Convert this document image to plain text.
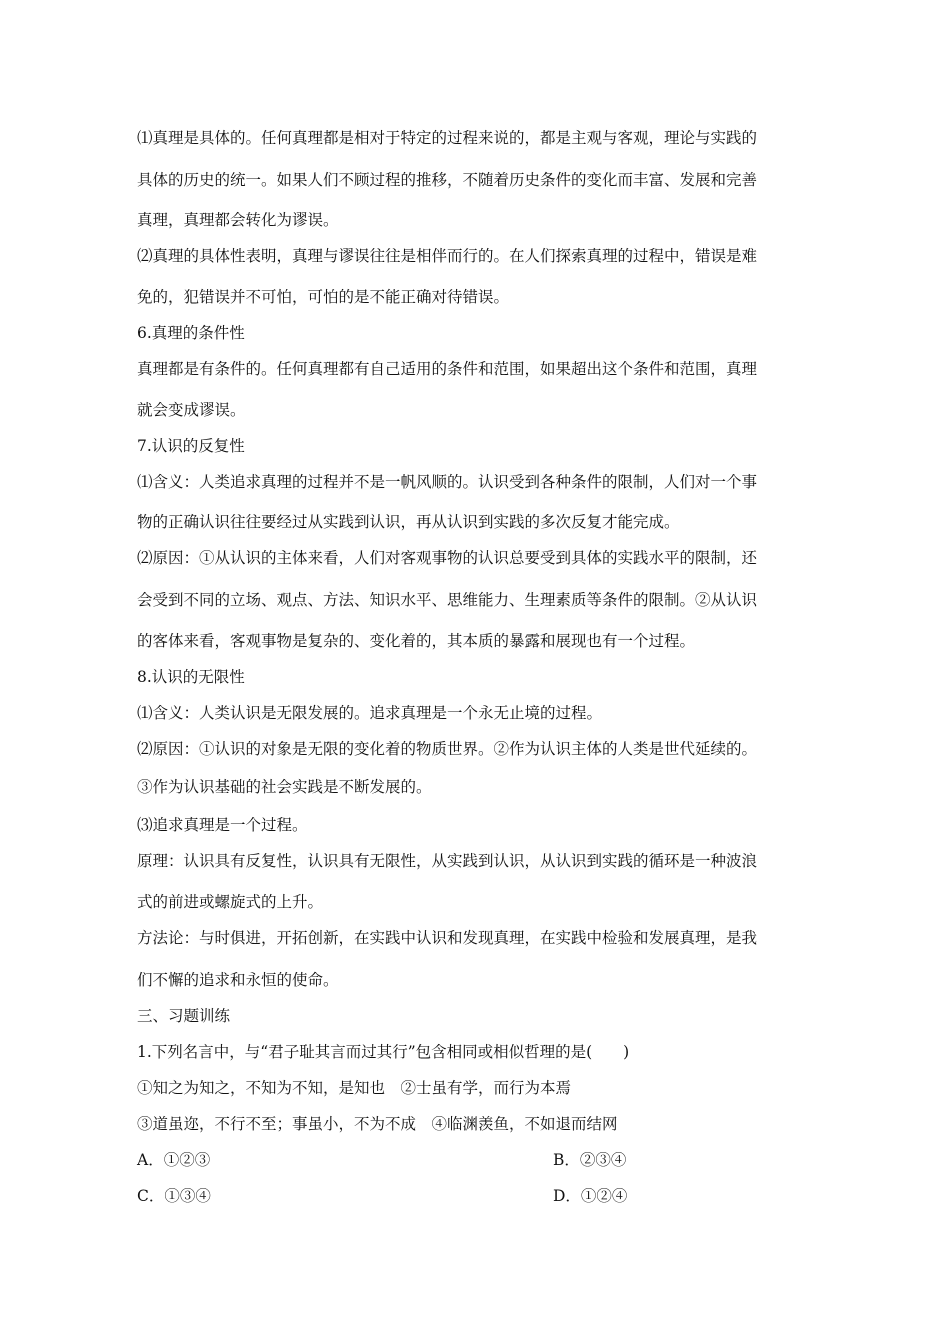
⑴真理是具体的。任何真理都是相对于特定的过程来说的，都是主观与客观，理论与实践的
具体的历史的统一。如果人们不顾过程的推移，不随着历史条件的变化而丰富、发展和完善
真理，真理都会转化为谬误。
⑵真理的具体性表明，真理与谬误往往是相伴而行的。在人们探索真理的过程中，错误是难
免的，犯错误并不可怕，可怕的是不能正确对待错误。
6.真理的条件性
真理都是有条件的。任何真理都有自己适用的条件和范围，如果超出这个条件和范围，真理
就会变成谬误。
7.认识的反复性
⑴含义：人类追求真理的过程并不是一帆风顺的。认识受到各种条件的限制，人们对一个事
物的正确认识往往要经过从实践到认识，再从认识到实践的多次反复才能完成。
⑵原因：①从认识的主体来看，人们对客观事物的认识总要受到具体的实践水平的限制，还
会受到不同的立场、观点、方法、知识水平、思维能力、生理素质等条件的限制。②从认识
的客体来看，客观事物是复杂的、变化着的，其本质的暴露和展现也有一个过程。
8.认识的无限性
⑴含义：人类认识是无限发展的。追求真理是一个永无止境的过程。
⑵原因：①认识的对象是无限的变化着的物质世界。②作为认识主体的人类是世代延续的。
③作为认识基础的社会实践是不断发展的。
⑶追求真理是一个过程。
原理：认识具有反复性，认识具有无限性，从实践到认识，从认识到实践的循环是一种波浪
式的前进或螺旋式的上升。
方法论：与时俱进，开拓创新，在实践中认识和发现真理，在实践中检验和发展真理，是我
们不懈的追求和永恒的使命。
三、习题训练
1.下列名言中，与“君子耻其言而过其行”包含相同或相似哲理的是(　　)
①知之为知之，不知为不知，是知也　②士虽有学，而行为本焉
③道虽迩，不行不至；事虽小，不为不成　④临渊羡鱼，不如退而结网
A．①②③	B．②③④
C．①③④	D．①②④
